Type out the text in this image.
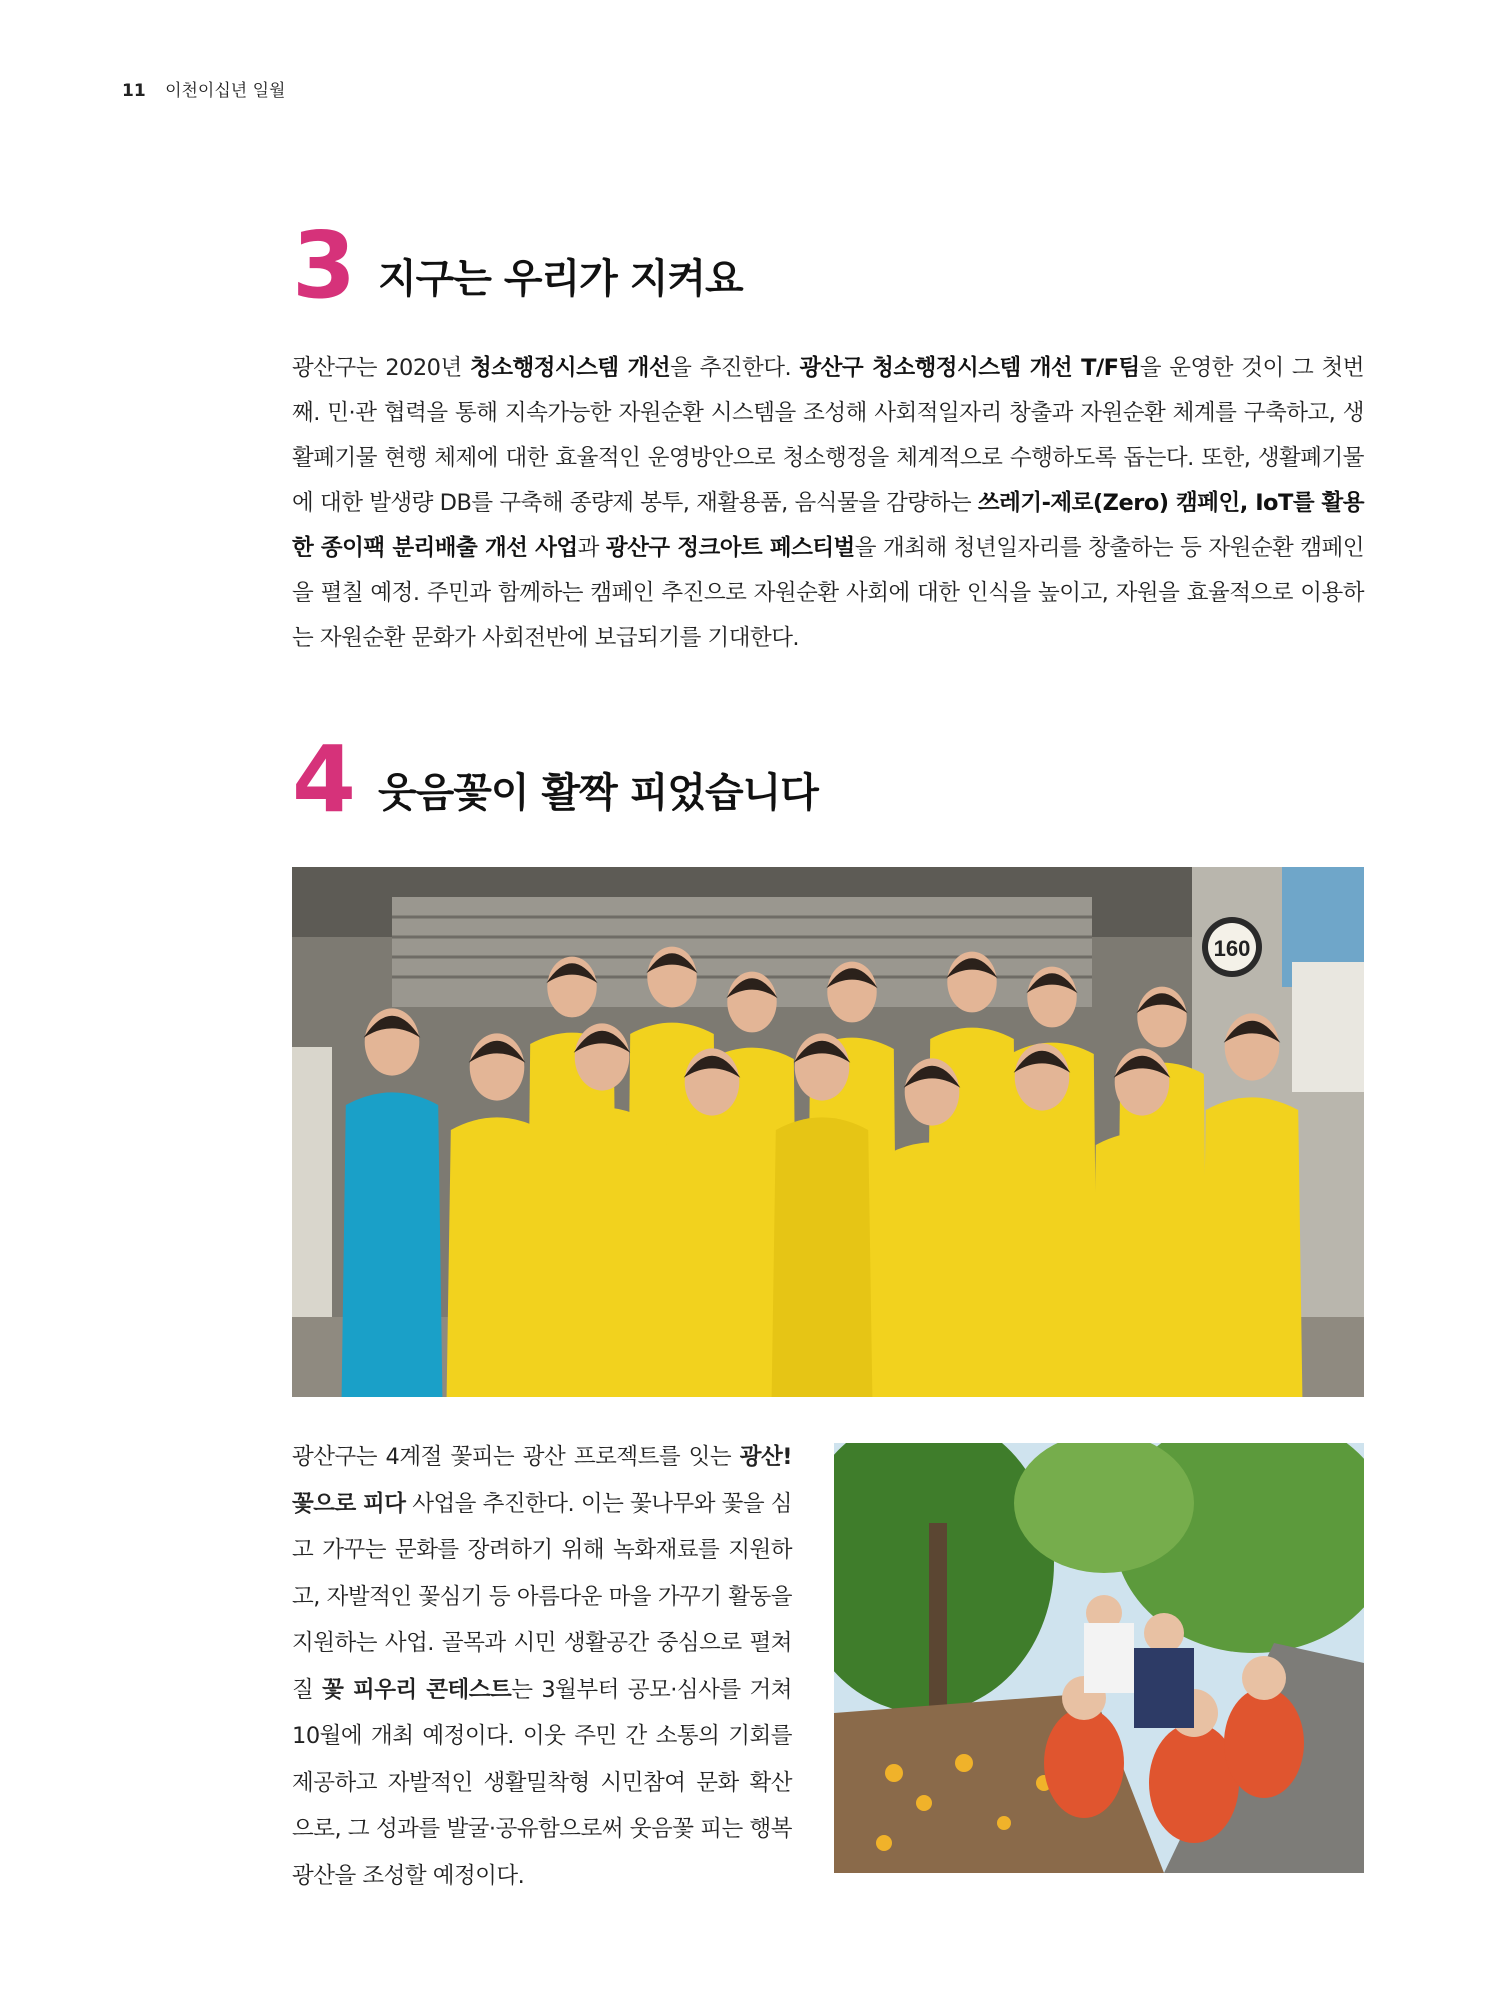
11 이천이십년 일월
3 지구는 우리가 지켜요

광산구는 2020년 청소행정시스템 개선을 추진한다. 광산구 청소행정시스템 개선 T/F팀을 운영한 것이 그 첫번째. 민·관 협력을 통해 지속가능한 자원순환 시스템을 조성해 사회적일자리 창출과 자원순환 체계를 구축하고, 생활폐기물 현행 체제에 대한 효율적인 운영방안으로 청소행정을 체계적으로 수행하도록 돕는다. 또한, 생활폐기물에 대한 발생량 DB를 구축해 종량제 봉투, 재활용품, 음식물을 감량하는 쓰레기-제로(Zero) 캠페인, IoT를 활용한 종이팩 분리배출 개선 사업과 광산구 정크아트 페스티벌을 개최해 청년일자리를 창출하는 등 자원순환 캠페인을 펼칠 예정. 주민과 함께하는 캠페인 추진으로 자원순환 사회에 대한 인식을 높이고, 자원을 효율적으로 이용하는 자원순환 문화가 사회전반에 보급되기를 기대한다.

4 웃음꽃이 활짝 피었습니다
160

광산구는 4계절 꽃피는 광산 프로젝트를 잇는 광산! 꽃으로 피다 사업을 추진한다. 이는 꽃나무와 꽃을 심고 가꾸는 문화를 장려하기 위해 녹화재료를 지원하고, 자발적인 꽃심기 등 아름다운 마을 가꾸기 활동을 지원하는 사업. 골목과 시민 생활공간 중심으로 펼쳐질 꽃 피우리 콘테스트는 3월부터 공모·심사를 거쳐 10월에 개최 예정이다. 이웃 주민 간 소통의 기회를 제공하고 자발적인 생활밀착형 시민참여 문화 확산으로, 그 성과를 발굴·공유함으로써 웃음꽃 피는 행복광산을 조성할 예정이다.
